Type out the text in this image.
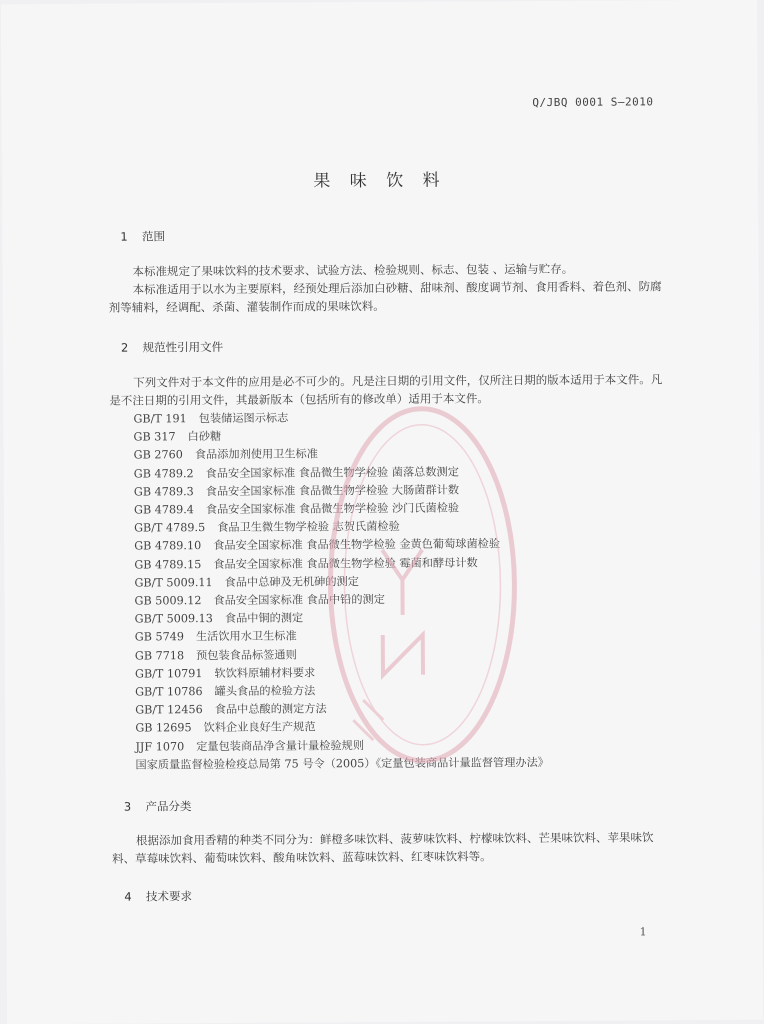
Q/JBQ 0001 S—2010
果 味 饮 料
1 范围

本标准规定了果味饮料的技术要求、试验方法、检验规则、标志、包装 、运输与贮存。

本标准适用于以水为主要原料，经预处理后添加白砂糖、甜味剂、酸度调节剂、食用香料、着色剂、防腐剂等辅料，经调配、杀菌、灌装制作而成的果味饮料。

2 规范性引用文件

下列文件对于本文件的应用是必不可少的。凡是注日期的引用文件，仅所注日期的版本适用于本文件。凡是不注日期的引用文件，其最新版本（包括所有的修改单）适用于本文件。

GB/T 191 包装储运图示标志
GB 317 白砂糖
GB 2760 食品添加剂使用卫生标准
GB 4789.2 食品安全国家标准 食品微生物学检验 菌落总数测定
GB 4789.3 食品安全国家标准 食品微生物学检验 大肠菌群计数
GB 4789.4 食品安全国家标准 食品微生物学检验 沙门氏菌检验
GB/T 4789.5 食品卫生微生物学检验 志贺氏菌检验
GB 4789.10 食品安全国家标准 食品微生物学检验 金黄色葡萄球菌检验
GB 4789.15 食品安全国家标准 食品微生物学检验 霉菌和酵母计数
GB/T 5009.11 食品中总砷及无机砷的测定
GB 5009.12 食品安全国家标准 食品中铅的测定
GB/T 5009.13 食品中铜的测定
GB 5749 生活饮用水卫生标准
GB 7718 预包装食品标签通则
GB/T 10791 软饮料原辅材料要求
GB/T 10786 罐头食品的检验方法
GB/T 12456 食品中总酸的测定方法
GB 12695 饮料企业良好生产规范
JJF 1070 定量包装商品净含量计量检验规则
国家质量监督检验检疫总局第 75 号令（2005）《定量包装商品计量监督管理办法》
3 产品分类

根据添加食用香精的种类不同分为：鲜橙多味饮料、菠萝味饮料、柠檬味饮料、芒果味饮料、苹果味饮料、草莓味饮料、葡萄味饮料、酸角味饮料、蓝莓味饮料、红枣味饮料等。

4 技术要求
1
